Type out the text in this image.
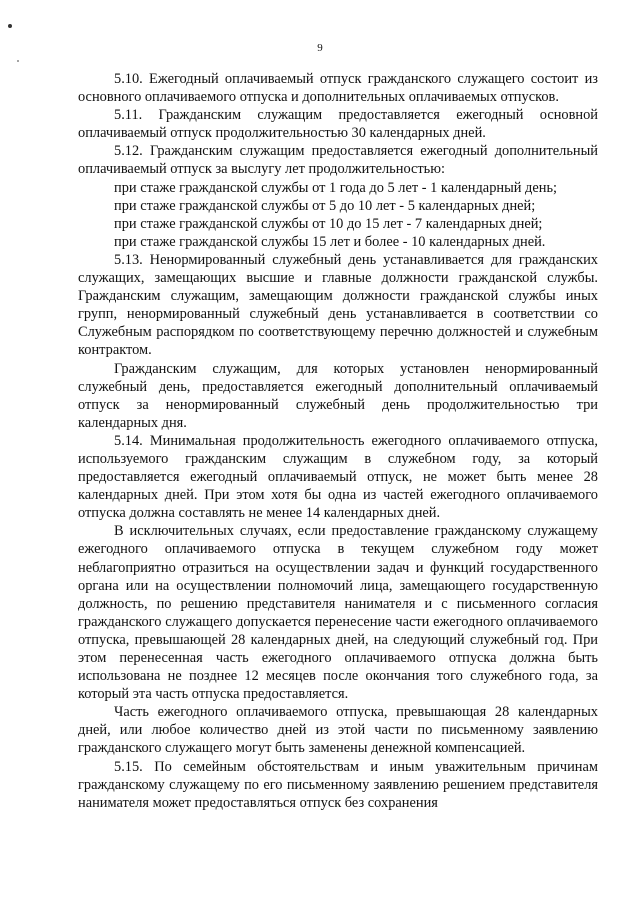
9
5.10. Ежегодный оплачиваемый отпуск гражданского служащего состоит из основного оплачиваемого отпуска и дополнительных оплачиваемых отпусков.
5.11. Гражданским служащим предоставляется ежегодный основной оплачиваемый отпуск продолжительностью 30 календарных дней.
5.12. Гражданским служащим предоставляется ежегодный дополнительный оплачиваемый отпуск за выслугу лет продолжительностью:
при стаже гражданской службы от 1 года до 5 лет - 1 календарный день;
при стаже гражданской службы от 5 до 10 лет - 5 календарных дней;
при стаже гражданской службы от 10 до 15 лет - 7 календарных дней;
при стаже гражданской службы 15 лет и более - 10 календарных дней.
5.13. Ненормированный служебный день устанавливается для гражданских служащих, замещающих высшие и главные должности гражданской службы. Гражданским служащим, замещающим должности гражданской службы иных групп, ненормированный служебный день устанавливается в соответствии со Служебным распорядком по соответствующему перечню должностей и служебным контрактом.
Гражданским служащим, для которых установлен ненормированный служебный день, предоставляется ежегодный дополнительный оплачиваемый отпуск за ненормированный служебный день продолжительностью три календарных дня.
5.14. Минимальная продолжительность ежегодного оплачиваемого отпуска, используемого гражданским служащим в служебном году, за который предоставляется ежегодный оплачиваемый отпуск, не может быть менее 28 календарных дней. При этом хотя бы одна из частей ежегодного оплачиваемого отпуска должна составлять не менее 14 календарных дней.
В исключительных случаях, если предоставление гражданскому служащему ежегодного оплачиваемого отпуска в текущем служебном году может неблагоприятно отразиться на осуществлении задач и функций государственного органа или на осуществлении полномочий лица, замещающего государственную должность, по решению представителя нанимателя и с письменного согласия гражданского служащего допускается перенесение части ежегодного оплачиваемого отпуска, превышающей 28 календарных дней, на следующий служебный год. При этом перенесенная часть ежегодного оплачиваемого отпуска должна быть использована не позднее 12 месяцев после окончания того служебного года, за который эта часть отпуска предоставляется.
Часть ежегодного оплачиваемого отпуска, превышающая 28 календарных дней, или любое количество дней из этой части по письменному заявлению гражданского служащего могут быть заменены денежной компенсацией.
5.15. По семейным обстоятельствам и иным уважительным причинам гражданскому служащему по его письменному заявлению решением представителя нанимателя может предоставляться отпуск без сохранения
